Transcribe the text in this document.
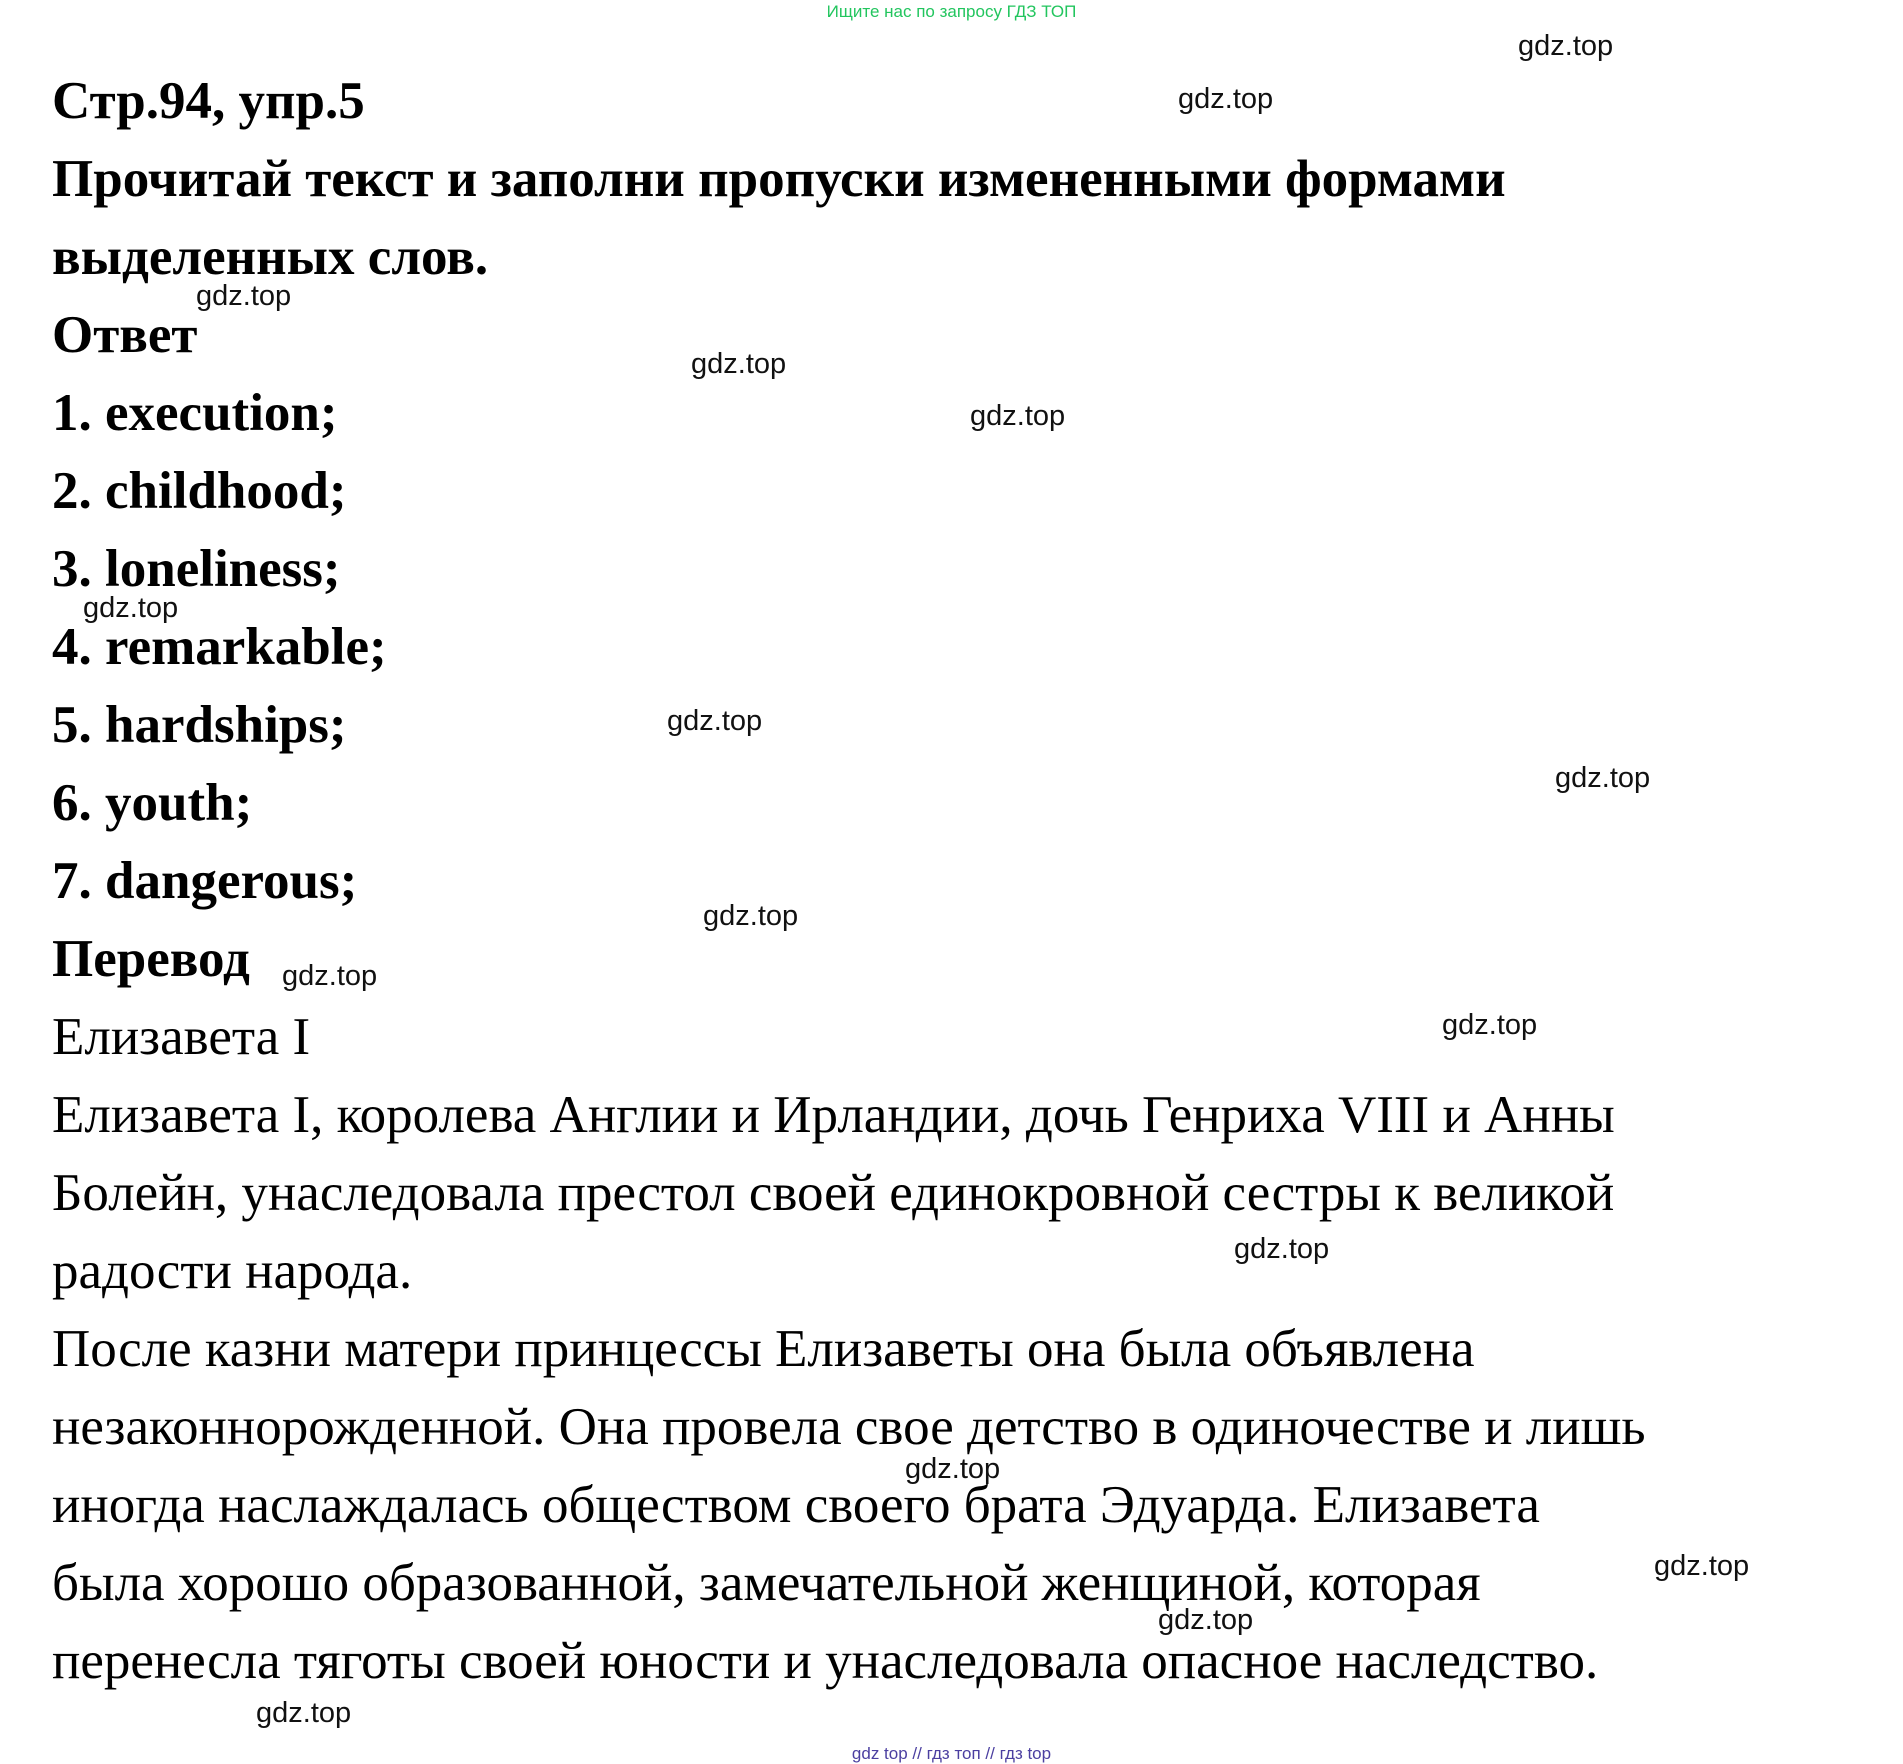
Ищите нас по запросу ГДЗ ТОП
Стр.94, упр.5
Прочитай текст и заполни пропуски измененными формами
выделенных слов.
Ответ
1. execution;
2. childhood;
3. loneliness;
4. remarkable;
5. hardships;
6. youth;
7. dangerous;
Перевод
Елизавета I
Елизавета I, королева Англии и Ирландии, дочь Генриха VIII и Анны
Болейн, унаследовала престол своей единокровной сестры к великой
радости народа.
После казни матери принцессы Елизаветы она была объявлена
незаконнорожденной. Она провела свое детство в одиночестве и лишь
иногда наслаждалась обществом своего брата Эдуарда. Елизавета
была хорошо образованной, замечательной женщиной, которая
перенесла тяготы своей юности и унаследовала опасное наследство.
gdz.top
gdz.top
gdz.top
gdz.top
gdz.top
gdz.top
gdz.top
gdz.top
gdz.top
gdz.top
gdz.top
gdz.top
gdz.top
gdz.top
gdz.top
gdz.top
gdz top // гдз топ // гдз top
